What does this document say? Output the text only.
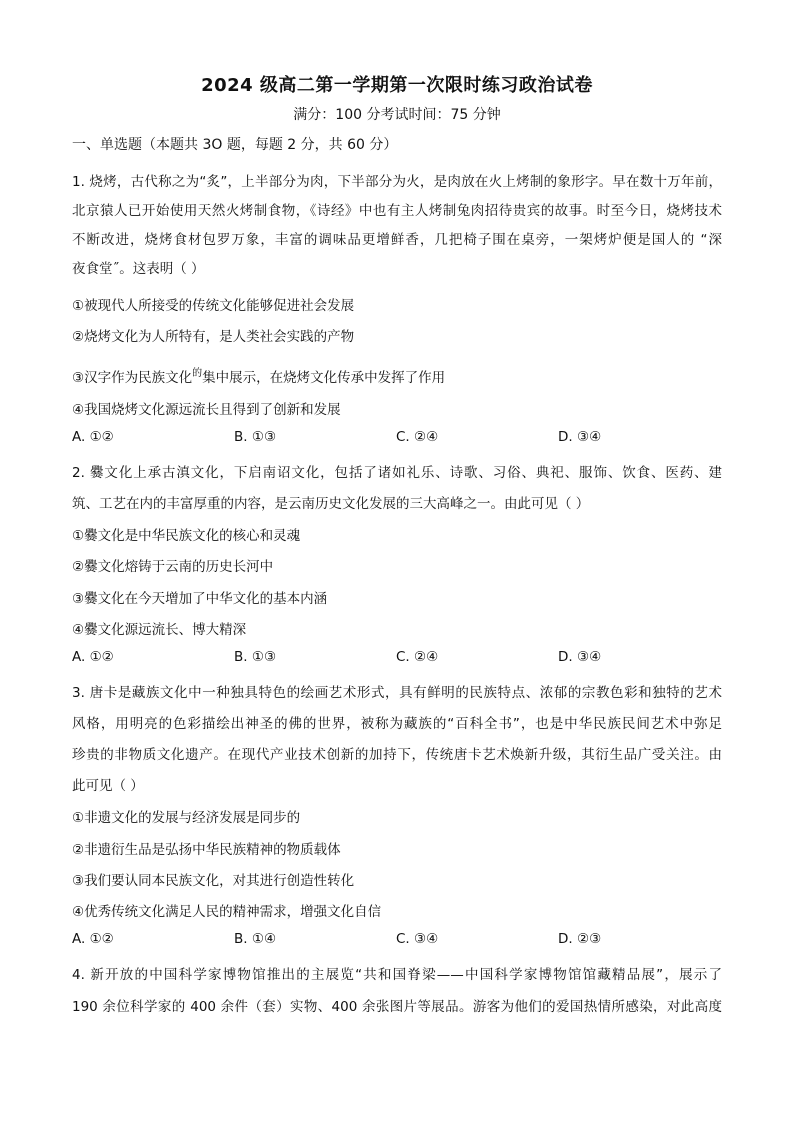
2024 级高二第一学期第一次限时练习政治试卷
满分：100 分考试时间：75 分钟
一、单选题（本题共 3O 题，每题 2 分，共 60 分）
1. 烧烤，古代称之为“炙”，上半部分为肉，下半部分为火，是肉放在火上烤制的象形字。早在数十万年前，
北京猿人已开始使用天然火烤制食物，《诗经》中也有主人烤制兔肉招待贵宾的故事。时至今日，烧烤技术
不断改进，烧烤食材包罗万象，丰富的调味品更增鲜香，几把椅子围在桌旁，一架烤炉便是国人的 “深
夜食堂˝。这表明（ ）
①被现代人所接受的传统文化能够促进社会发展
②烧烤文化为人所特有，是人类社会实践的产物
③汉字作为民族文化$^的$集中展示，在烧烤文化传承中发挥了作用
④我国烧烤文化源远流长且得到了创新和发展
A. ①②	B. ①③	C. ②④	D. ③④
2. 爨文化上承古滇文化，下启南诏文化，包括了诸如礼乐、诗歌、习俗、典祀、服饰、饮食、医药、建
筑、工艺在内的丰富厚重的内容，是云南历史文化发展的三大高峰之一。由此可见（ ）
①爨文化是中华民族文化的核心和灵魂
②爨文化熔铸于云南的历史长河中
③爨文化在今天增加了中华文化的基本内涵
④爨文化源远流长、博大精深
A. ①②	B. ①③	C. ②④	D. ③④
3. 唐卡是藏族文化中一种独具特色的绘画艺术形式，具有鲜明的民族特点、浓郁的宗教色彩和独特的艺术
风格，用明亮的色彩描绘出神圣的佛的世界，被称为藏族的“百科全书”，也是中华民族民间艺术中弥足
珍贵的非物质文化遗产。在现代产业技术创新的加持下，传统唐卡艺术焕新升级，其衍生品广受关注。由
此可见（ ）
①非遗文化的发展与经济发展是同步的
②非遗衍生品是弘扬中华民族精神的物质载体
③我们要认同本民族文化，对其进行创造性转化
④优秀传统文化满足人民的精神需求，增强文化自信
A. ①②	B. ①④	C. ③④	D. ②③
4. 新开放的中国科学家博物馆推出的主展览“共和国脊梁——中国科学家博物馆馆藏精品展”，展示了
190 余位科学家的 400 余件（套）实物、400 余张图片等展品。游客为他们的爱国热情所感染，对此高度
